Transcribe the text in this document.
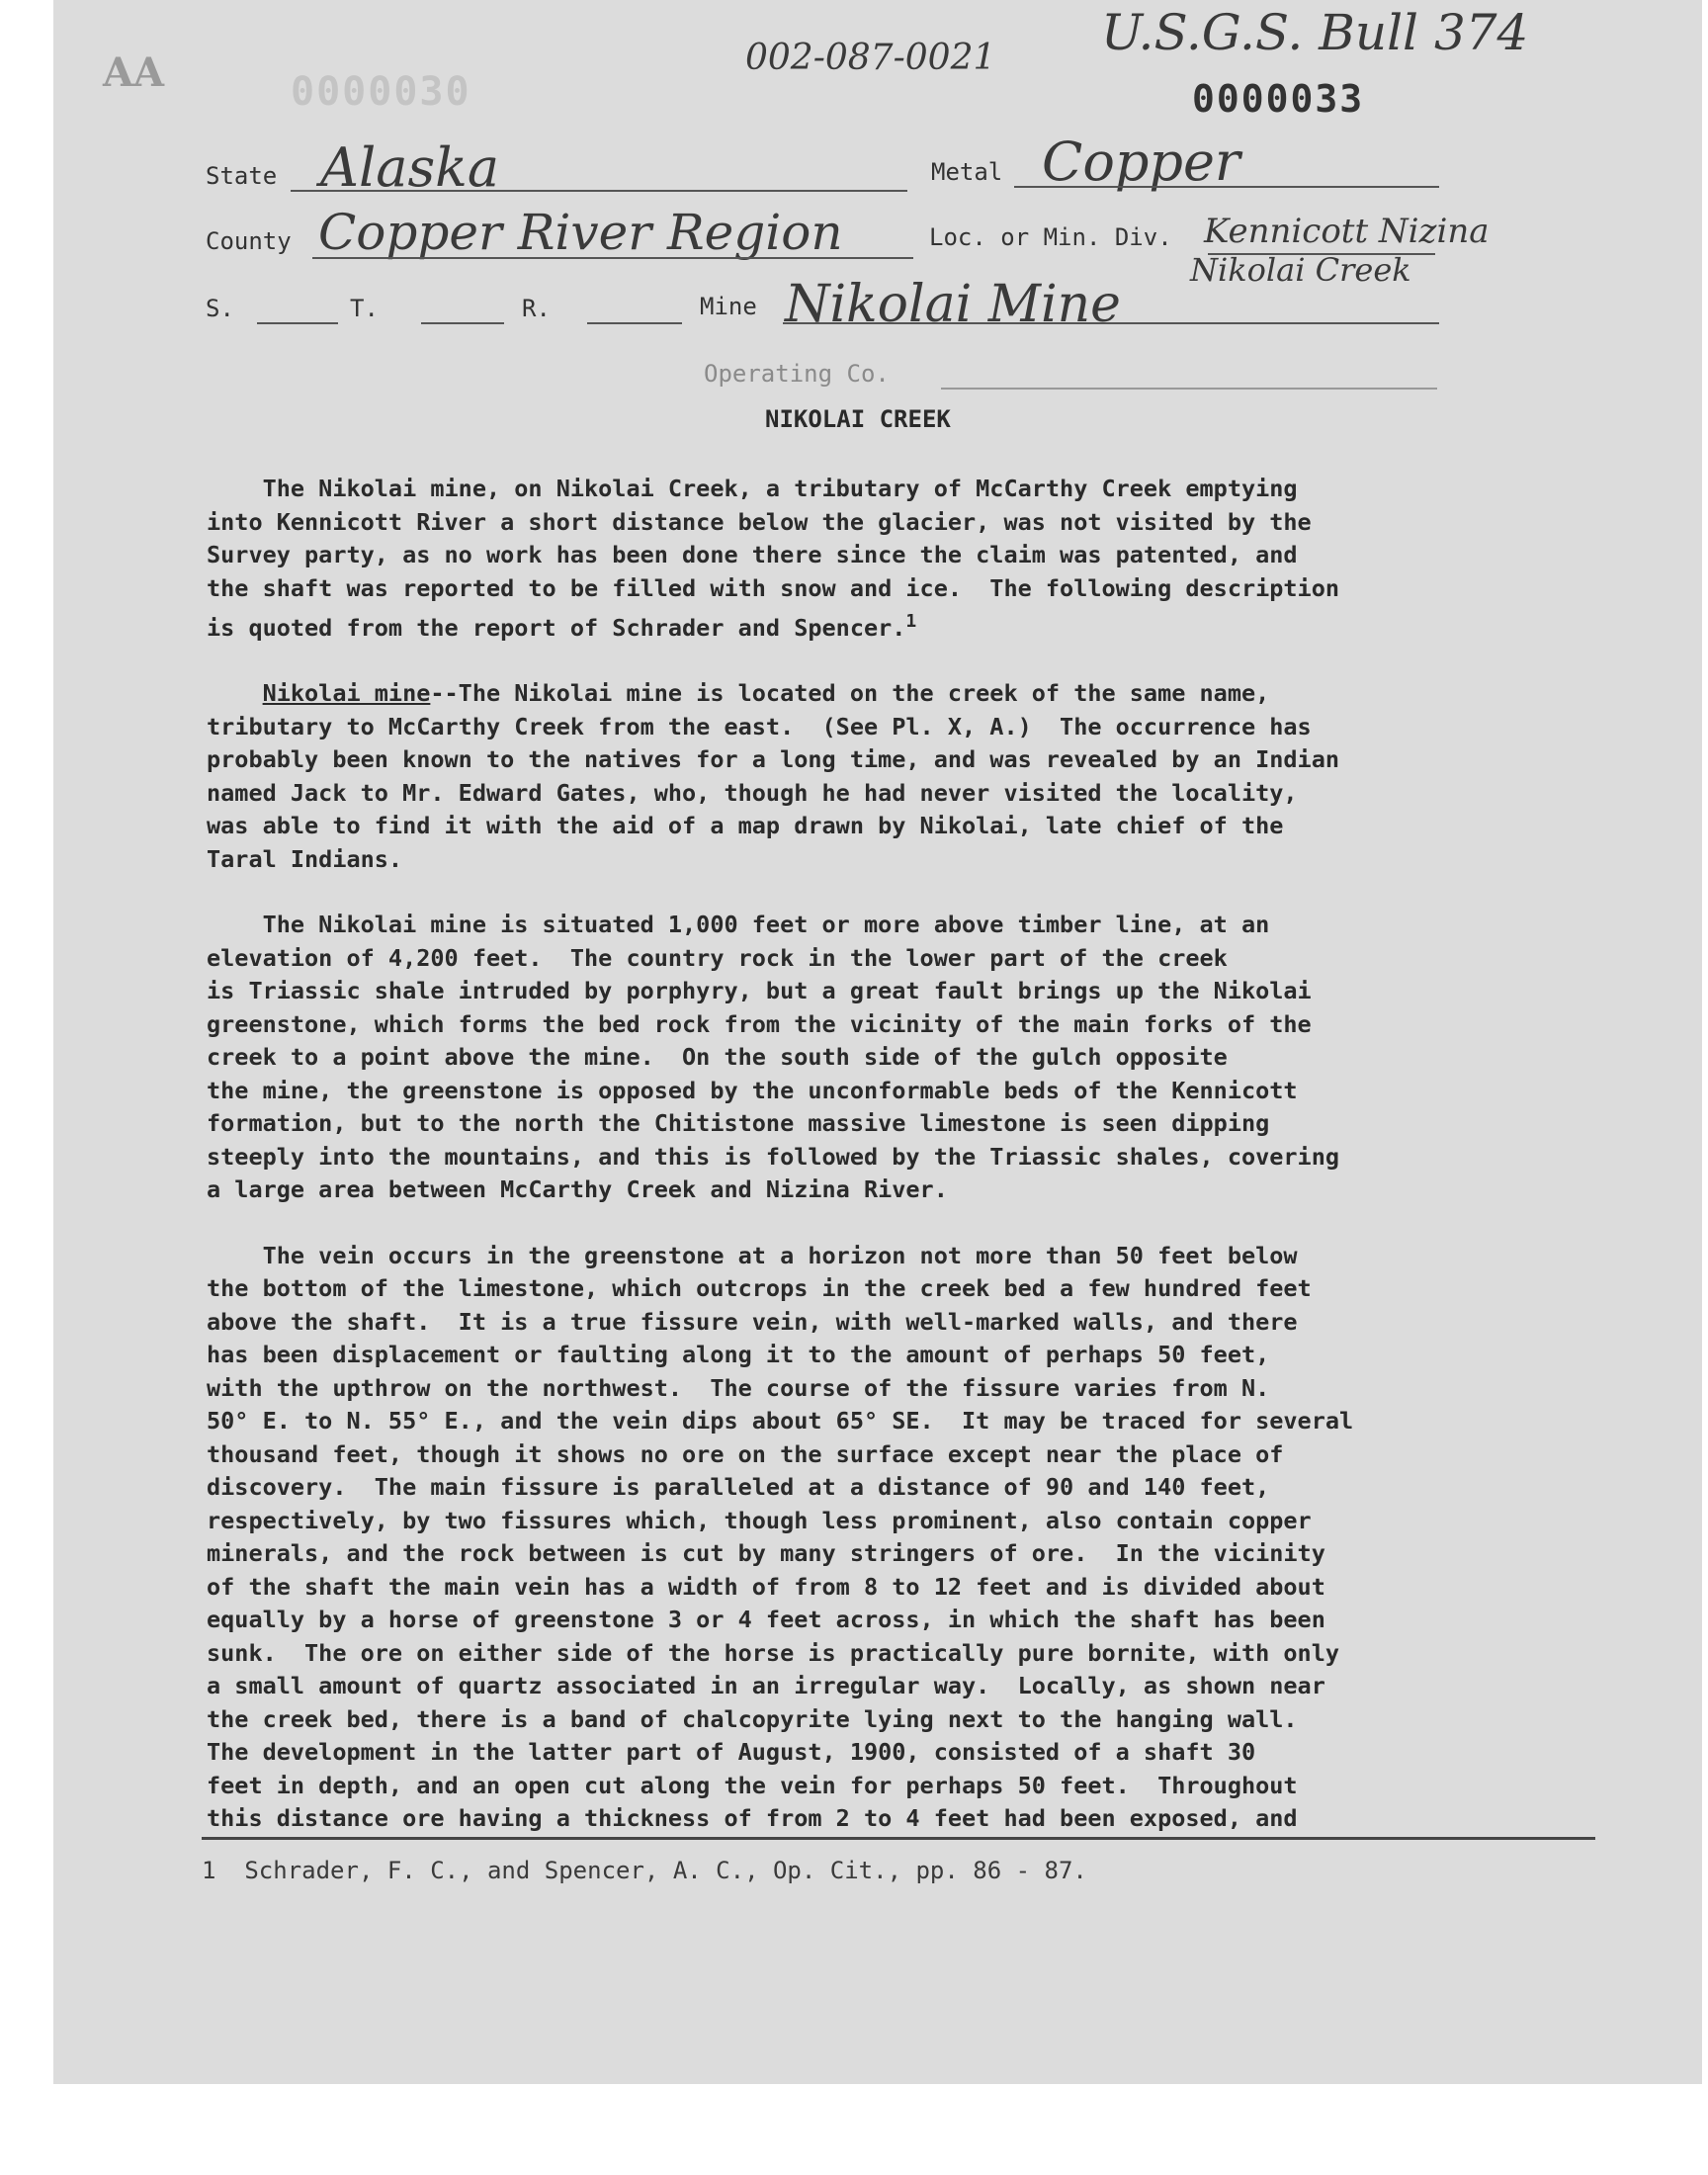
AA	0000030
002-087-0021 U.S.G.S. Bull 374
0000033
State Alaska	Metal Copper
County Copper River Region	Loc. or Min. Div. Kennicott Nizina
Nikolai Creek
S.	T.	R.	Mine Nikolai Mine
Operating Co.
NIKOLAI CREEK

The Nikolai mine, on Nikolai Creek, a tributary of McCarthy Creek emptying

into Kennicott River a short distance below the glacier, was not visited by the

Survey party, as no work has been done there since the claim was patented, and

the shaft was reported to be filled with snow and ice.  The following description

is quoted from the report of Schrader and Spencer.$^1$

Nikolai mine--The Nikolai mine is located on the creek of the same name,

tributary to McCarthy Creek from the east.  (See Pl. X, A.)  The occurrence has

probably been known to the natives for a long time, and was revealed by an Indian

named Jack to Mr. Edward Gates, who, though he had never visited the locality,

was able to find it with the aid of a map drawn by Nikolai, late chief of the

Taral Indians.

The Nikolai mine is situated 1,000 feet or more above timber line, at an

elevation of 4,200 feet.  The country rock in the lower part of the creek

is Triassic shale intruded by porphyry, but a great fault brings up the Nikolai

greenstone, which forms the bed rock from the vicinity of the main forks of the

creek to a point above the mine.  On the south side of the gulch opposite

the mine, the greenstone is opposed by the unconformable beds of the Kennicott

formation, but to the north the Chitistone massive limestone is seen dipping

steeply into the mountains, and this is followed by the Triassic shales, covering

a large area between McCarthy Creek and Nizina River.

The vein occurs in the greenstone at a horizon not more than 50 feet below

the bottom of the limestone, which outcrops in the creek bed a few hundred feet

above the shaft.  It is a true fissure vein, with well-marked walls, and there

has been displacement or faulting along it to the amount of perhaps 50 feet,

with the upthrow on the northwest.  The course of the fissure varies from N.

50° E. to N. 55° E., and the vein dips about 65° SE.  It may be traced for several

thousand feet, though it shows no ore on the surface except near the place of

discovery.  The main fissure is paralleled at a distance of 90 and 140 feet,

respectively, by two fissures which, though less prominent, also contain copper

minerals, and the rock between is cut by many stringers of ore.  In the vicinity

of the shaft the main vein has a width of from 8 to 12 feet and is divided about

equally by a horse of greenstone 3 or 4 feet across, in which the shaft has been

sunk.  The ore on either side of the horse is practically pure bornite, with only

a small amount of quartz associated in an irregular way.  Locally, as shown near

the creek bed, there is a band of chalcopyrite lying next to the hanging wall.

The development in the latter part of August, 1900, consisted of a shaft 30

feet in depth, and an open cut along the vein for perhaps 50 feet.  Throughout

this distance ore having a thickness of from 2 to 4 feet had been exposed, and

1  Schrader, F. C., and Spencer, A. C., Op. Cit., pp. 86 - 87.
